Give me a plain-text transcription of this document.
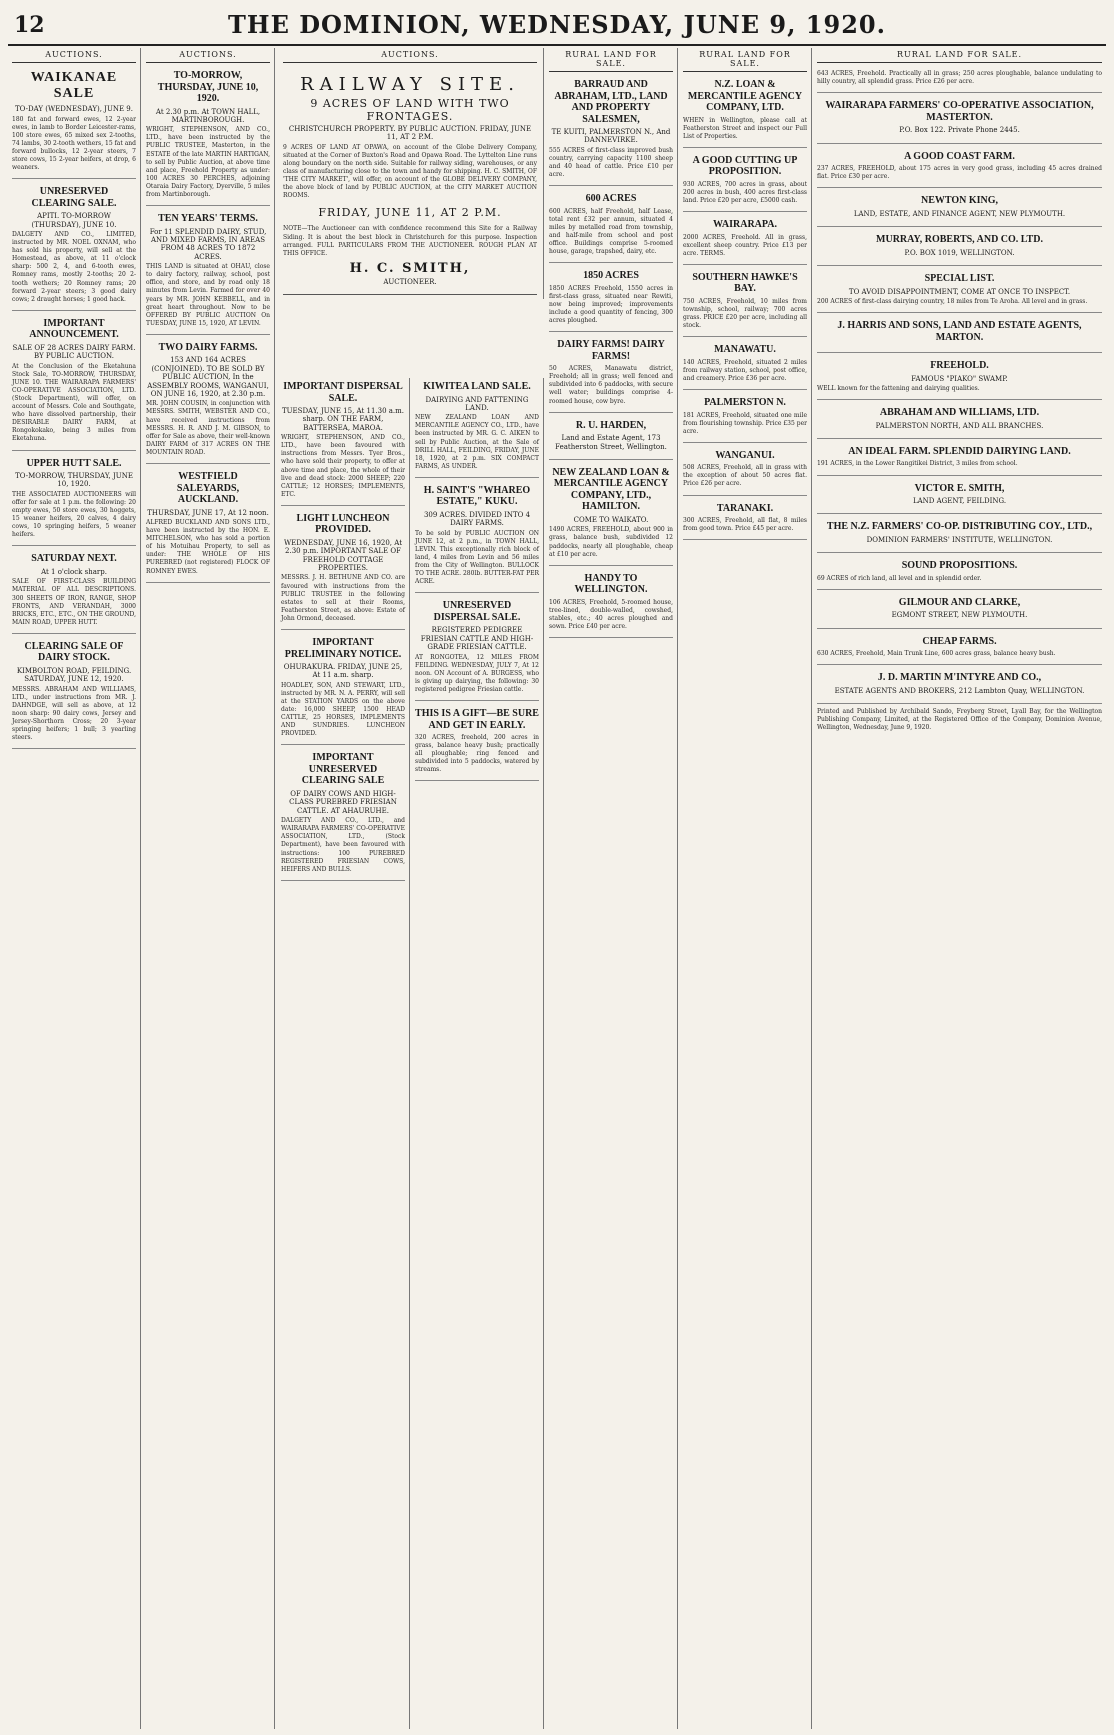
12	THE DOMINION, WEDNESDAY, JUNE 9, 1920.
AUCTIONS.
WAIKANAE SALE
TO-DAY (WEDNESDAY), JUNE 9.
180 fat and forward ewes, 12 2-year ewes, in lamb to Border Leicester-rams, 100 store ewes, 65 mixed sex 2-tooths, 74 lambs, 30 2-tooth wethers, 15 fat and forward bullocks, 12 2-year steers, 7 store cows, 15 2-year heifers, at drop, 6 weaners.
UNRESERVED CLEARING SALE.
APITI. TO-MORROW (THURSDAY), JUNE 10.
DALGETY AND CO., LIMITED, instructed by MR. NOEL OXNAM, who has sold his property, will sell at the Homestead, as above, at 11 o'clock sharp: 500 2, 4, and 6-tooth ewes, Romney rams, mostly 2-tooths; 20 2-tooth wethers; 20 Romney rams; 20 forward 2-year steers; 3 good dairy cows; 2 draught horses; 1 good hack.
IMPORTANT ANNOUNCEMENT.
SALE OF 28 ACRES DAIRY FARM. BY PUBLIC AUCTION.
At the Conclusion of the Eketahuna Stock Sale, TO-MORROW, THURSDAY, JUNE 10. THE WAIRARAPA FARMERS' CO-OPERATIVE ASSOCIATION, LTD. (Stock Department), will offer, on account of Messrs. Cole and Southgate, who have dissolved partnership, their DESIRABLE DAIRY FARM, at Rongokokako, being 3 miles from Eketahuna.
UPPER HUTT SALE.
TO-MORROW, THURSDAY, JUNE 10, 1920.
THE ASSOCIATED AUCTIONEERS will offer for sale at 1 p.m. the following: 20 empty ewes, 50 store ewes, 30 hoggets, 15 weaner heifers, 20 calves, 4 dairy cows, 10 springing heifers, 5 weaner heifers.
SATURDAY NEXT.
At 1 o'clock sharp.
SALE OF FIRST-CLASS BUILDING MATERIAL OF ALL DESCRIPTIONS. 300 SHEETS OF IRON, RANGE, SHOP FRONTS, AND VERANDAH, 3000 BRICKS, ETC., ETC., ON THE GROUND, MAIN ROAD, UPPER HUTT.
CLEARING SALE OF DAIRY STOCK.
KIMBOLTON ROAD, FEILDING. SATURDAY, JUNE 12, 1920.
MESSRS. ABRAHAM AND WILLIAMS, LTD., under instructions from MR. J. DAHNDGE, will sell as above, at 12 noon sharp: 90 dairy cows, Jersey and Jersey-Shorthorn Cross; 20 3-year springing heifers; 1 bull; 3 yearling steers.
AUCTIONS.
TO-MORROW, THURSDAY, JUNE 10, 1920.
At 2.30 p.m. At TOWN HALL, MARTINBOROUGH.
WRIGHT, STEPHENSON, AND CO., LTD., have been instructed by the PUBLIC TRUSTEE, Masterton, in the ESTATE of the late MARTIN HARTIGAN, to sell by Public Auction, at above time and place, Freehold Property as under: 100 ACRES 30 PERCHES, adjoining Otaraia Dairy Factory, Dyerville, 5 miles from Martinborough.
TEN YEARS' TERMS.
For 11 SPLENDID DAIRY, STUD, AND MIXED FARMS, IN AREAS FROM 48 ACRES TO 1872 ACRES.
THIS LAND is situated at OHAU, close to dairy factory, railway, school, post office, and store, and by road only 18 minutes from Levin. Farmed for over 40 years by MR. JOHN KEBBELL, and in great heart throughout. Now to be OFFERED BY PUBLIC AUCTION On TUESDAY, JUNE 15, 1920, AT LEVIN.
TWO DAIRY FARMS.
153 AND 164 ACRES (CONJOINED). TO BE SOLD BY PUBLIC AUCTION, In the ASSEMBLY ROOMS, WANGANUI, ON JUNE 16, 1920, at 2.30 p.m.
MR. JOHN COUSIN, in conjunction with MESSRS. SMITH, WEBSTER AND CO., have received instructions from MESSRS. H. R. AND J. M. GIBSON, to offer for Sale as above, their well-known DAIRY FARM of 317 ACRES ON THE MOUNTAIN ROAD.
WESTFIELD SALEYARDS, AUCKLAND.
THURSDAY, JUNE 17, At 12 noon.
ALFRED BUCKLAND AND SONS LTD., have been instructed by the HON. E. MITCHELSON, who has sold a portion of his Motuihau Property, to sell as under: THE WHOLE OF HIS PUREBRED (not registered) FLOCK OF ROMNEY EWES.
AUCTIONS.
RAILWAY SITE.
9 ACRES OF LAND WITH TWO FRONTAGES.
CHRISTCHURCH PROPERTY. BY PUBLIC AUCTION. FRIDAY, JUNE 11, AT 2 P.M.
9 ACRES OF LAND AT OPAWA, on account of the Globe Delivery Company, situated at the Corner of Buxton's Road and Opawa Road. The Lyttelton Line runs along boundary on the north side. Suitable for railway siding, warehouses, or any class of manufacturing close to the town and handy for shipping. H. C. SMITH, OF 'THE CITY MARKET', will offer, on account of the GLOBE DELIVERY COMPANY, the above block of land by PUBLIC AUCTION, at the CITY MARKET AUCTION ROOMS.
FRIDAY, JUNE 11, AT 2 P.M.
NOTE—The Auctioneer can with confidence recommend this Site for a Railway Siding. It is about the best block in Christchurch for this purpose. Inspection arranged. FULL PARTICULARS FROM THE AUCTIONEER. ROUGH PLAN AT THIS OFFICE.
H. C. SMITH,
AUCTIONEER.
IMPORTANT DISPERSAL SALE.
TUESDAY, JUNE 15, At 11.30 a.m. sharp. ON THE FARM, BATTERSEA, MAROA.
WRIGHT, STEPHENSON, AND CO., LTD., have been favoured with instructions from Messrs. Tyer Bros., who have sold their property, to offer at above time and place, the whole of their live and dead stock: 2000 SHEEP; 220 CATTLE; 12 HORSES; IMPLEMENTS, ETC.
LIGHT LUNCHEON PROVIDED.
WEDNESDAY, JUNE 16, 1920, At 2.30 p.m. IMPORTANT SALE OF FREEHOLD COTTAGE PROPERTIES.
MESSRS. J. H. BETHUNE AND CO. are favoured with instructions from the PUBLIC TRUSTEE in the following estates to sell at their Rooms, Featherston Street, as above: Estate of John Ormond, deceased.
IMPORTANT PRELIMINARY NOTICE.
OHURAKURA. FRIDAY, JUNE 25, At 11 a.m. sharp.
HOADLEY, SON, AND STEWART, LTD., instructed by MR. N. A. PERRY, will sell at the STATION YARDS on the above date: 16,000 SHEEP, 1500 HEAD CATTLE, 25 HORSES, IMPLEMENTS AND SUNDRIES. LUNCHEON PROVIDED.
IMPORTANT UNRESERVED CLEARING SALE
OF DAIRY COWS AND HIGH-CLASS PUREBRED FRIESIAN CATTLE. AT AHAURUHE.
DALGETY AND CO., LTD., and WAIRARAPA FARMERS' CO-OPERATIVE ASSOCIATION, LTD., (Stock Department), have been favoured with instructions: 100 PUREBRED REGISTERED FRIESIAN COWS, HEIFERS AND BULLS.
KIWITEA LAND SALE.
DAIRYING AND FATTENING LAND.
NEW ZEALAND LOAN AND MERCANTILE AGENCY CO., LTD., have been instructed by MR. G. C. AIKEN to sell by Public Auction, at the Sale of DRILL HALL, FEILDING, FRIDAY, JUNE 18, 1920, at 2 p.m. SIX COMPACT FARMS, AS UNDER.
H. SAINT'S "WHAREO ESTATE," KUKU.
309 ACRES. DIVIDED INTO 4 DAIRY FARMS.
To be sold by PUBLIC AUCTION ON JUNE 12, at 2 p.m., in TOWN HALL, LEVIN. This exceptionally rich block of land, 4 miles from Levin and 56 miles from the City of Wellington. BULLOCK TO THE ACRE. 280lb. BUTTER-FAT PER ACRE.
UNRESERVED DISPERSAL SALE.
REGISTERED PEDIGREE FRIESIAN CATTLE AND HIGH-GRADE FRIESIAN CATTLE.
AT RONGOTEA, 12 MILES FROM FEILDING. WEDNESDAY, JULY 7, At 12 noon. ON Account of A. BURGESS, who is giving up dairying, the following: 30 registered pedigree Friesian cattle.
THIS IS A GIFT—BE SURE AND GET IN EARLY.
320 ACRES, freehold, 200 acres in grass, balance heavy bush; practically all ploughable; ring fenced and subdivided into 5 paddocks, watered by streams.
RURAL LAND FOR SALE.
BARRAUD AND ABRAHAM, LTD., LAND AND PROPERTY SALESMEN,
TE KUITI, PALMERSTON N., And DANNEVIRKE.
555 ACRES of first-class improved bush country, carrying capacity 1100 sheep and 40 head of cattle. Price £10 per acre.
600 ACRES
600 ACRES, half Freehold, half Lease, total rent £32 per annum, situated 4 miles by metalled road from township, and half-mile from school and post office. Buildings comprise 5-roomed house, garage, trapshed, dairy, etc.
1850 ACRES
1850 ACRES Freehold, 1550 acres in first-class grass, situated near Rewiti, now being improved; improvements include a good quantity of fencing, 300 acres ploughed.
DAIRY FARMS! DAIRY FARMS!
50 ACRES, Manawatu district, Freehold; all in grass; well fenced and subdivided into 6 paddocks, with secure well water; buildings comprise 4-roomed house, cow byre.
R. U. HARDEN,
Land and Estate Agent, 173 Featherston Street, Wellington.
NEW ZEALAND LOAN & MERCANTILE AGENCY COMPANY, LTD., HAMILTON.
COME TO WAIKATO.
1490 ACRES, FREEHOLD, about 900 in grass, balance bush, subdivided 12 paddocks, nearly all ploughable, cheap at £10 per acre.
HANDY TO WELLINGTON.
106 ACRES, Freehold, 5-roomed house, tree-lined, double-walled, cowshed, stables, etc.; 40 acres ploughed and sown. Price £40 per acre.
RURAL LAND FOR SALE.
N.Z. LOAN & MERCANTILE AGENCY COMPANY, LTD.
WHEN in Wellington, please call at Featherston Street and inspect our Full List of Properties.
A GOOD CUTTING UP PROPOSITION.
930 ACRES, 700 acres in grass, about 200 acres in bush, 400 acres first-class land. Price £20 per acre, £5000 cash.
WAIRARAPA.
2000 ACRES, Freehold. All in grass, excellent sheep country. Price £13 per acre. TERMS.
SOUTHERN HAWKE'S BAY.
750 ACRES, Freehold, 10 miles from township, school, railway; 700 acres grass. PRICE £20 per acre, including all stock.
MANAWATU.
140 ACRES, Freehold, situated 2 miles from railway station, school, post office, and creamery. Price £36 per acre.
PALMERSTON N.
181 ACRES, Freehold, situated one mile from flourishing township. Price £35 per acre.
WANGANUI.
508 ACRES, Freehold, all in grass with the exception of about 50 acres flat. Price £26 per acre.
TARANAKI.
300 ACRES, Freehold, all flat, 8 miles from good town. Price £45 per acre.
RURAL LAND FOR SALE.
643 ACRES, Freehold. Practically all in grass; 250 acres ploughable, balance undulating to hilly country, all splendid grass. Price £26 per acre.
WAIRARAPA FARMERS' CO-OPERATIVE ASSOCIATION, MASTERTON.
P.O. Box 122. Private Phone 2445.
A GOOD COAST FARM.
237 ACRES, FREEHOLD, about 175 acres in very good grass, including 45 acres drained flat. Price £30 per acre.
NEWTON KING,
LAND, ESTATE, AND FINANCE AGENT, NEW PLYMOUTH.
MURRAY, ROBERTS, AND CO. LTD.
P.O. BOX 1019, WELLINGTON.
SPECIAL LIST.
TO AVOID DISAPPOINTMENT, COME AT ONCE TO INSPECT.
200 ACRES of first-class dairying country, 18 miles from Te Aroha. All level and in grass.
J. HARRIS AND SONS, LAND AND ESTATE AGENTS, MARTON.
FREEHOLD.
FAMOUS "PIAKO" SWAMP.
WELL known for the fattening and dairying qualities.
ABRAHAM AND WILLIAMS, LTD.
PALMERSTON NORTH, AND ALL BRANCHES.
AN IDEAL FARM. SPLENDID DAIRYING LAND.
191 ACRES, in the Lower Rangitikei District, 3 miles from school.
VICTOR E. SMITH,
LAND AGENT, FEILDING.
THE N.Z. FARMERS' CO-OP. DISTRIBUTING COY., LTD.,
DOMINION FARMERS' INSTITUTE, WELLINGTON.
SOUND PROPOSITIONS.
69 ACRES of rich land, all level and in splendid order.
GILMOUR AND CLARKE,
EGMONT STREET, NEW PLYMOUTH.
CHEAP FARMS.
630 ACRES, Freehold, Main Trunk Line, 600 acres grass, balance heavy bush.
J. D. MARTIN M'INTYRE AND CO.,
ESTATE AGENTS AND BROKERS, 212 Lambton Quay, WELLINGTON.
Printed and Published by Archibald Sando, Freyberg Street, Lyall Bay, for the Wellington Publishing Company, Limited, at the Registered Office of the Company, Dominion Avenue, Wellington, Wednesday, June 9, 1920.
